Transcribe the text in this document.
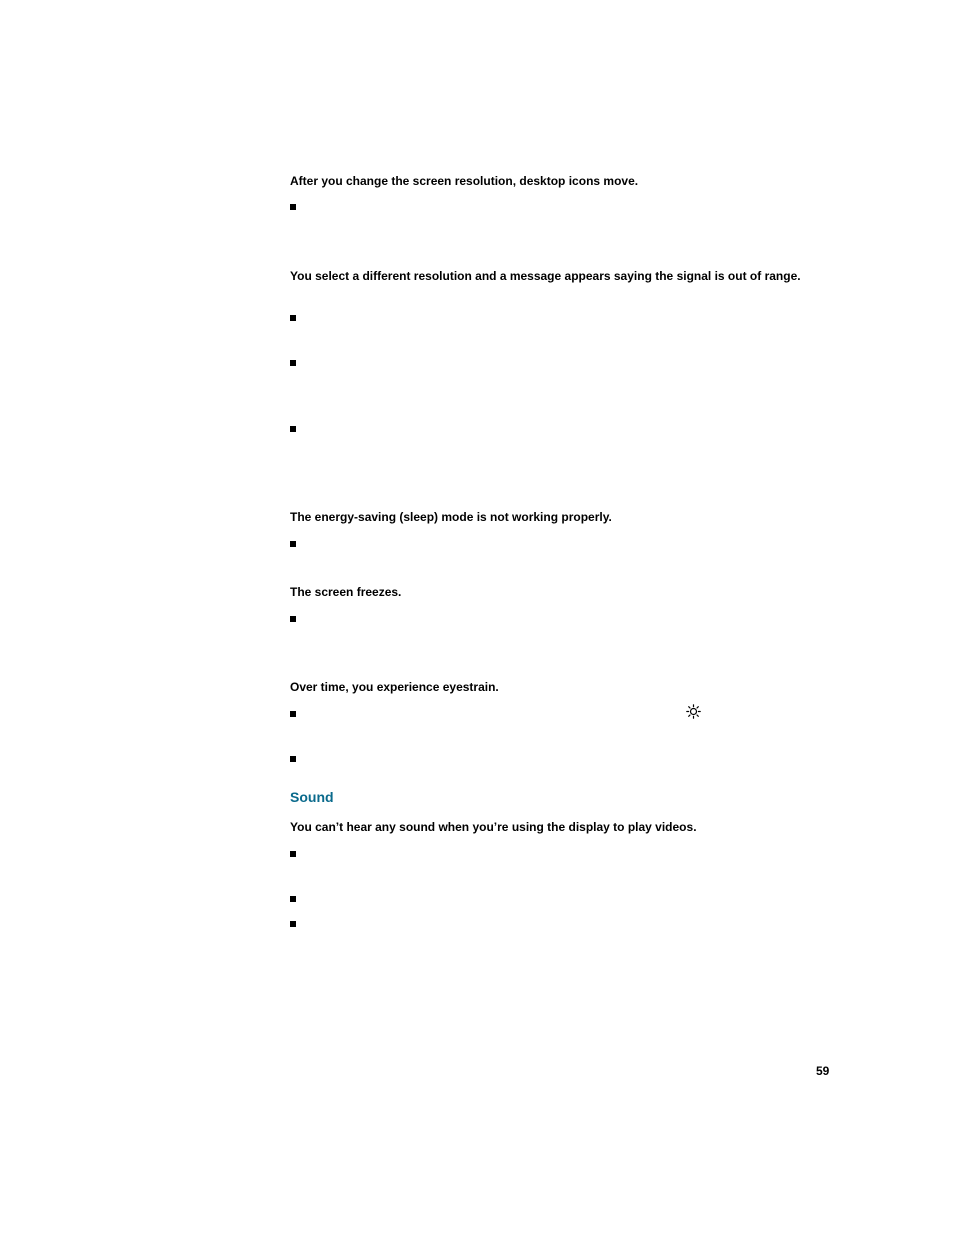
After you change the screen resolution, desktop icons move.

You select a different resolution and a message appears saying the signal is out of range.

The energy-saving (sleep) mode is not working properly.

The screen freezes.

Over time, you experience eyestrain.

Sound

You can’t hear any sound when you’re using the display to play videos.

59
